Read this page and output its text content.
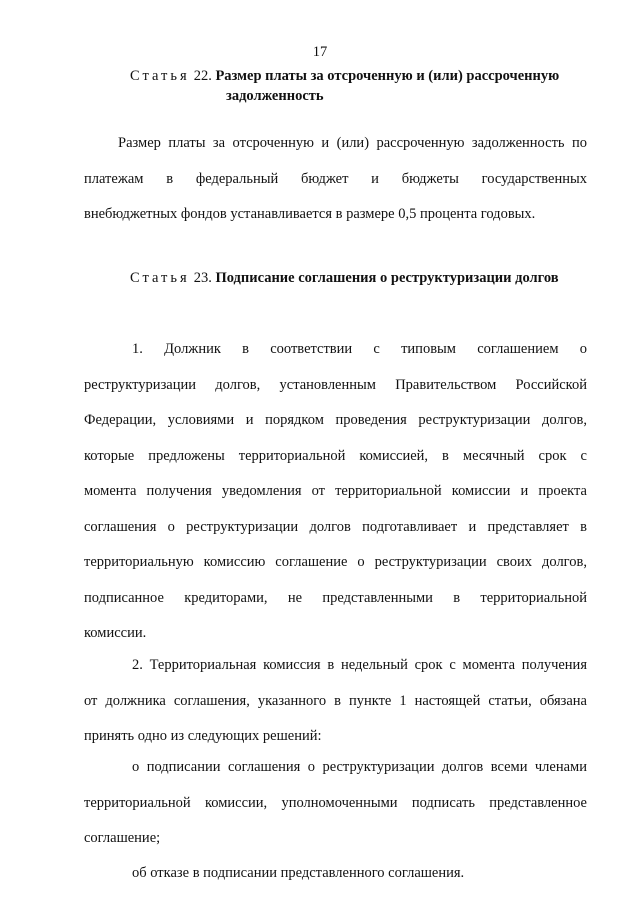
17
Статья 22. Размер платы за отсроченную и (или) рассроченную
задолженность
Размер платы за отсроченную и (или) рассроченную задолженность по
платежам в федеральный бюджет и бюджеты государственных
внебюджетных фондов устанавливается в размере 0,5 процента годовых.
Статья 23. Подписание соглашения о реструктуризации долгов
1. Должник в соответствии с типовым соглашением о
реструктуризации долгов, установленным Правительством Российской
Федерации, условиями и порядком проведения реструктуризации долгов,
которые предложены территориальной комиссией, в месячный срок с
момента получения уведомления от территориальной комиссии и проекта
соглашения о реструктуризации долгов подготавливает и представляет в
территориальную комиссию соглашение о реструктуризации своих долгов,
подписанное кредиторами, не представленными в территориальной
комиссии.
2. Территориальная комиссия в недельный срок с момента получения
от должника соглашения, указанного в пункте 1 настоящей статьи, обязана
принять одно из следующих решений:
о подписании соглашения о реструктуризации долгов всеми членами
территориальной комиссии, уполномоченными подписать представленное
соглашение;
об отказе в подписании представленного соглашения.
